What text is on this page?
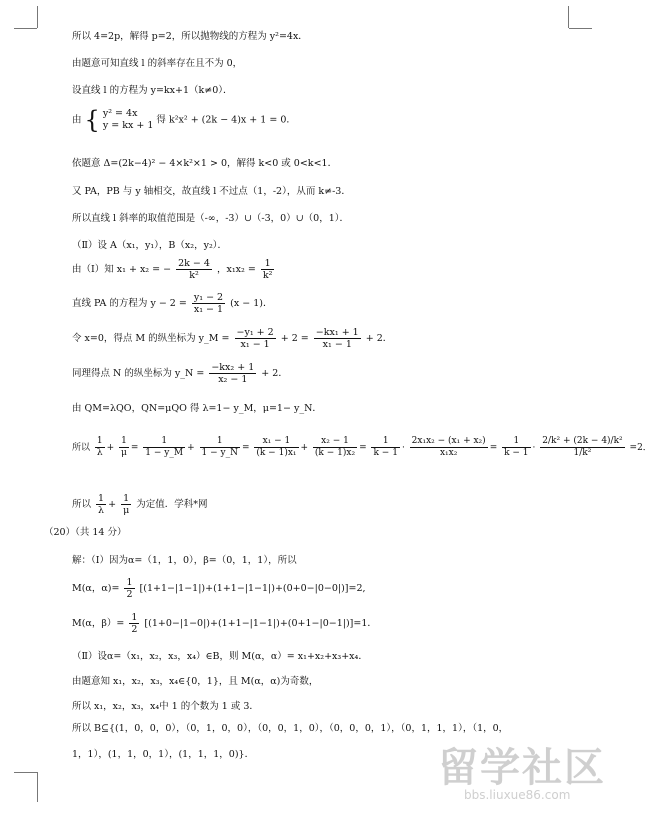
所以 4=2p，解得 p=2，所以抛物线的方程为 y²=4x．
由题意可知直线 l 的斜率存在且不为 0，
设直线 l 的方程为 y=kx+1（k≠0）．
由 { y² = 4x
y = kx + 1 得 k²x² + (2k − 4)x + 1 = 0．
依题意 Δ=(2k−4)² − 4×k²×1 > 0，解得 k<0 或 0<k<1．
又 PA，PB 与 y 轴相交，故直线 l 不过点（1，-2），从而 k≠-3．
所以直线 l 斜率的取值范围是（-∞，-3）∪（-3，0）∪（0，1）．
（Ⅱ）设 A（x₁，y₁），B（x₂，y₂）．
由（Ⅰ）知 x₁ + x₂ = − $\frac{2k - 4}{\text{k²}}$ ，$x_1x_2 = \frac{1}{\text{k²}}$
直线 PA 的方程为 $y - 2 = \frac{\text{y₁ − 2}}{\text{x₁ − 1}} (x - 1)$．
令 x=0，得点 M 的纵坐标为 y_M = $\frac{\text{−y₁ + 2}}{\text{x₁ − 1}} + 2 = \frac{\text{−kx₁ + 1}}{\text{x₁ − 1}} + 2$．
同理得点 N 的纵坐标为 y_N = $\frac{\text{−kx₂ + 1}}{\text{x₂ − 1}} + 2$．
由 QM=λQO，QN=μQO 得 λ=1− y_M，μ=1− y_N．
所以 $\frac{1}{\lambda} + \frac{1}{\mu} = \frac{1}{1 - y\_M} + \frac{1}{1 - y\_N} = \frac{\text{x₁ − 1}}{\text{(k − 1)x₁}} + \frac{\text{x₂ − 1}}{\text{(k − 1)x₂}} = \frac{1}{k - 1} \cdot \frac{\text{2x₁x₂ − (x₁ + x₂)}}{\text{x₁x₂}} = \frac{1}{k - 1} \cdot \frac{\text{2/k² + (2k − 4)/k²}}{\text{1/k²}} =2$．
所以 $\frac{1}{\lambda} + \frac{1}{\mu}$ 为定值．学科*网
（20）（共 14 分）
解：（Ⅰ）因为α=（1，1，0），β=（0，1，1），所以
M(α，$\alpha)= \frac{1}{2} [(1+1-|1-1|)+(1+1-|1-1|)+(0+0-|0-0|)]=2$,
M(α，$\beta)= \frac{1}{2} [(1+0-|1-0|)+(1+1-|1-1|)+(0+1-|0-1|)]=1$．
（Ⅱ）设α=（x₁，x₂，x₃，x₄）∈B，则 M(α，α）= x₁+x₂+x₃+x₄．
由题意知 x₁，x₂，x₃，x₄∈{0，1}，且 M(α，α)为奇数，
所以 x₁，x₂，x₃，x₄中 1 的个数为 1 或 3．
所以 B⊆{(1，0，0，0），（0，1，0，0），（0，0，1，0），（0，0，0，1），（0，1，1，1），（1，0，
1，1），(1，1，0，1），(1，1，1，0)}．	留学社区
bbs.liuxue86.com
